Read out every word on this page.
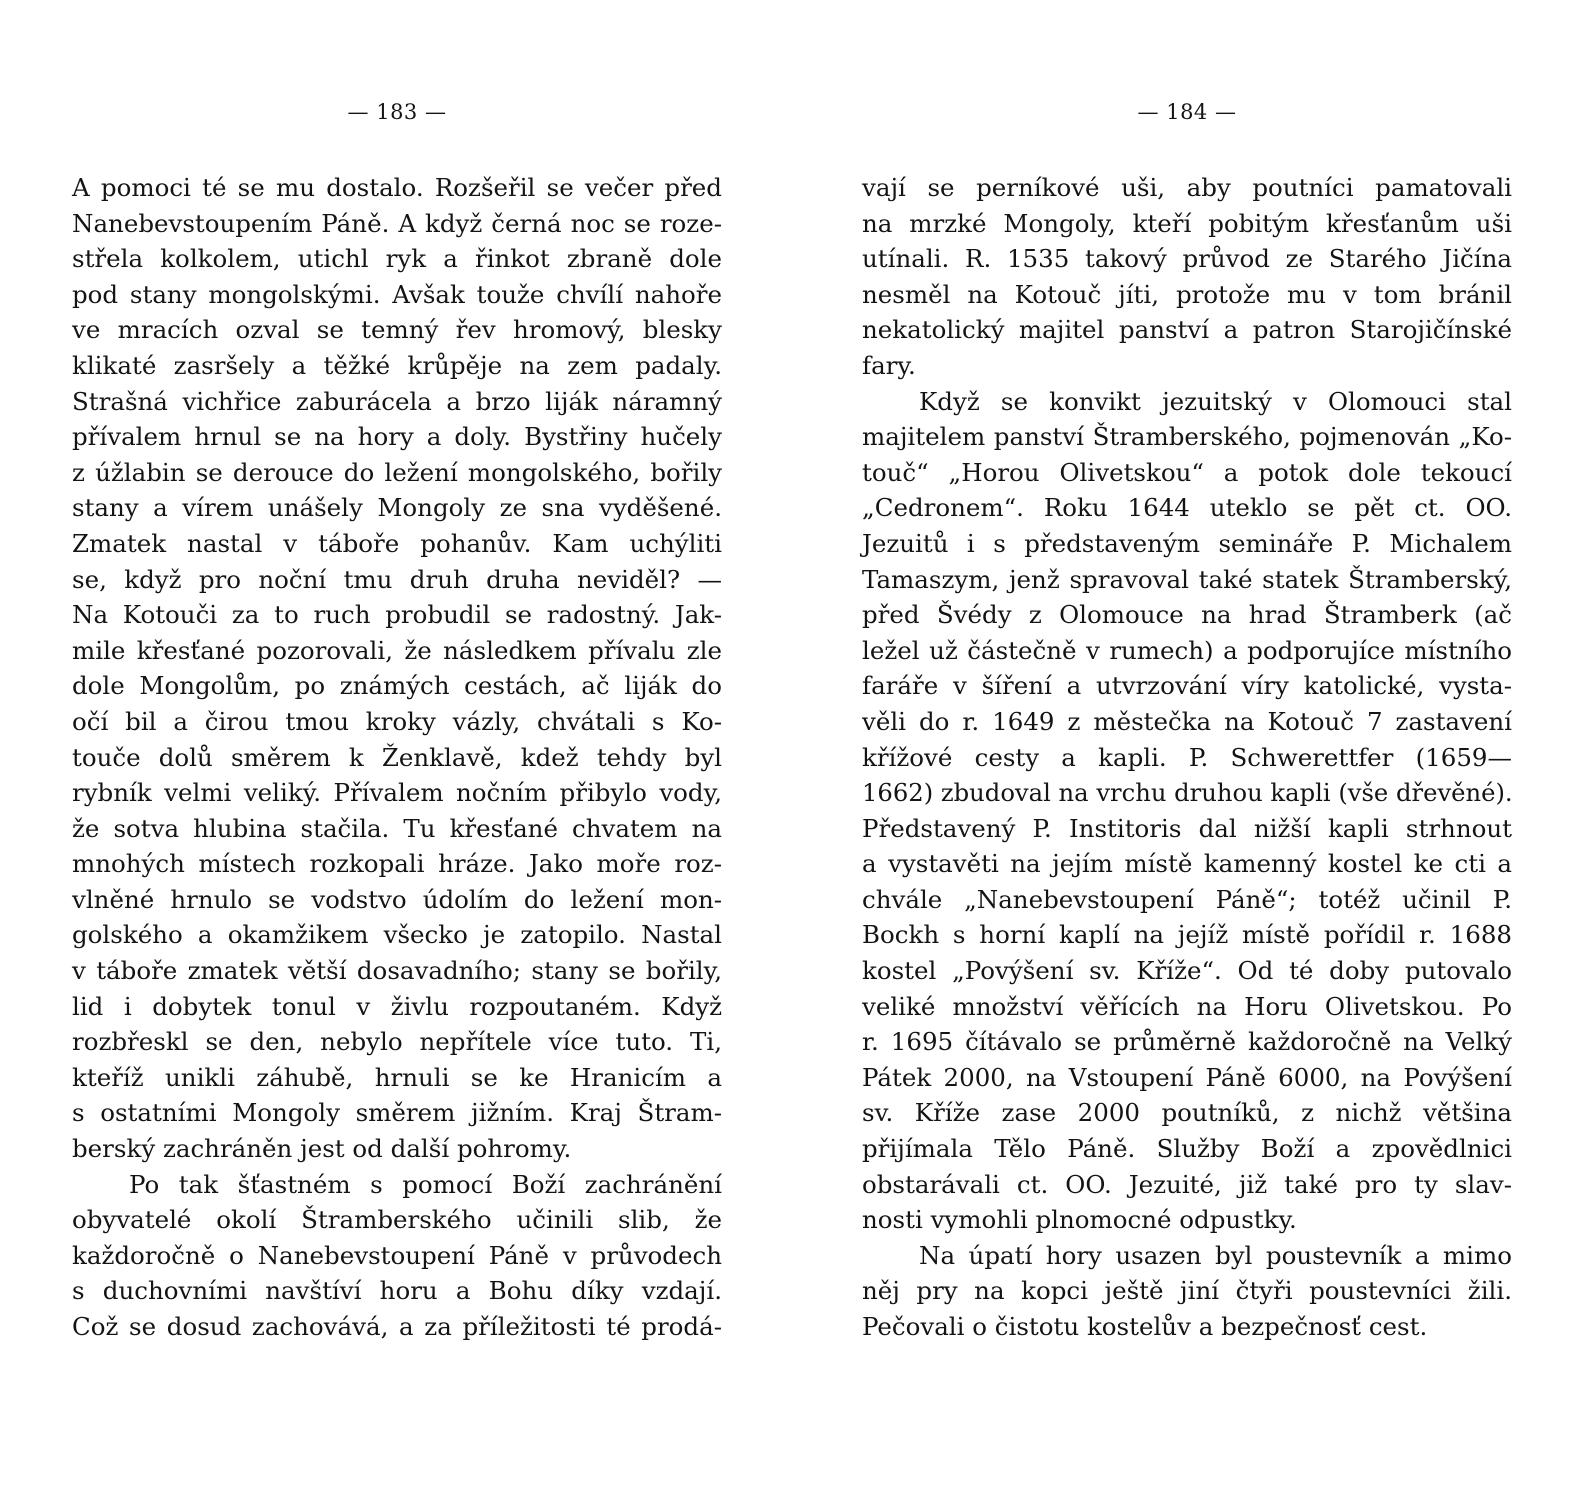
— 183 —
A pomoci té se mu dostalo. Rozšeřil se večer před
Nanebevstoupením Páně. A když černá noc se roze-
střela kolkolem, utichl ryk a řinkot zbraně dole
pod stany mongolskými. Avšak touže chvílí nahoře
ve mracích ozval se temný řev hromový, blesky
klikaté zasršely a těžké krůpěje na zem padaly.
Strašná vichřice zaburácela a brzo liják náramný
přívalem hrnul se na hory a doly. Bystřiny hučely
z úžlabin se derouce do ležení mongolského, bořily
stany a vírem unášely Mongoly ze sna vyděšené.
Zmatek nastal v táboře pohanův. Kam uchýliti
se, když pro noční tmu druh druha neviděl? —
Na Kotouči za to ruch probudil se radostný. Jak-
mile křesťané pozorovali, že následkem přívalu zle
dole Mongolům, po známých cestách, ač liják do
očí bil a čirou tmou kroky vázly, chvátali s Ko-
touče dolů směrem k Ženklavě, kdež tehdy byl
rybník velmi veliký. Přívalem nočním přibylo vody,
že sotva hlubina stačila. Tu křesťané chvatem na
mnohých místech rozkopali hráze. Jako moře roz-
vlněné hrnulo se vodstvo údolím do ležení mon-
golského a okamžikem všecko je zatopilo. Nastal
v táboře zmatek větší dosavadního; stany se bořily,
lid i dobytek tonul v živlu rozpoutaném. Když
rozbřeskl se den, nebylo nepřítele více tuto. Ti,
kteříž unikli záhubě, hrnuli se ke Hranicím a
s ostatními Mongoly směrem jižním. Kraj Štram-
berský zachráněn jest od další pohromy.
Po tak šťastném s pomocí Boží zachránění
obyvatelé okolí Štramberského učinili slib, že
každoročně o Nanebevstoupení Páně v průvodech
s duchovními navštíví horu a Bohu díky vzdají.
Což se dosud zachovává, a za příležitosti té prodá-
— 184 —
vají se perníkové uši, aby poutníci pamatovali
na mrzké Mongoly, kteří pobitým křesťanům uši
utínali. R. 1535 takový průvod ze Starého Jičína
nesměl na Kotouč jíti, protože mu v tom bránil
nekatolický majitel panství a patron Starojičínské
fary.
Když se konvikt jezuitský v Olomouci stal
majitelem panství Štramberského, pojmenován „Ko-
touč“ „Horou Olivetskou“ a potok dole tekoucí
„Cedronem“. Roku 1644 uteklo se pět ct. OO.
Jezuitů i s představeným semináře P. Michalem
Tamaszym, jenž spravoval také statek Štramberský,
před Švédy z Olomouce na hrad Štramberk (ač
ležel už částečně v rumech) a podporujíce místního
faráře v šíření a utvrzování víry katolické, vysta-
věli do r. 1649 z městečka na Kotouč 7 zastavení
křížové cesty a kapli. P. Schwerettfer (1659—
1662) zbudoval na vrchu druhou kapli (vše dřevěné).
Představený P. Institoris dal nižší kapli strhnout
a vystavěti na jejím místě kamenný kostel ke cti a
chvále „Nanebevstoupení Páně“; totéž učinil P.
Bockh s horní kaplí na jejíž místě pořídil r. 1688
kostel „Povýšení sv. Kříže“. Od té doby putovalo
veliké množství věřících na Horu Olivetskou. Po
r. 1695 čítávalo se průměrně každoročně na Velký
Pátek 2000, na Vstoupení Páně 6000, na Povýšení
sv. Kříže zase 2000 poutníků, z nichž většina
přijímala Tělo Páně. Služby Boží a zpovědlnici
obstarávali ct. OO. Jezuité, již také pro ty slav-
nosti vymohli plnomocné odpustky.
Na úpatí hory usazen byl poustevník a mimo
něj pry na kopci ještě jiní čtyři poustevníci žili.
Pečovali o čistotu kostelův a bezpečnosť cest.
